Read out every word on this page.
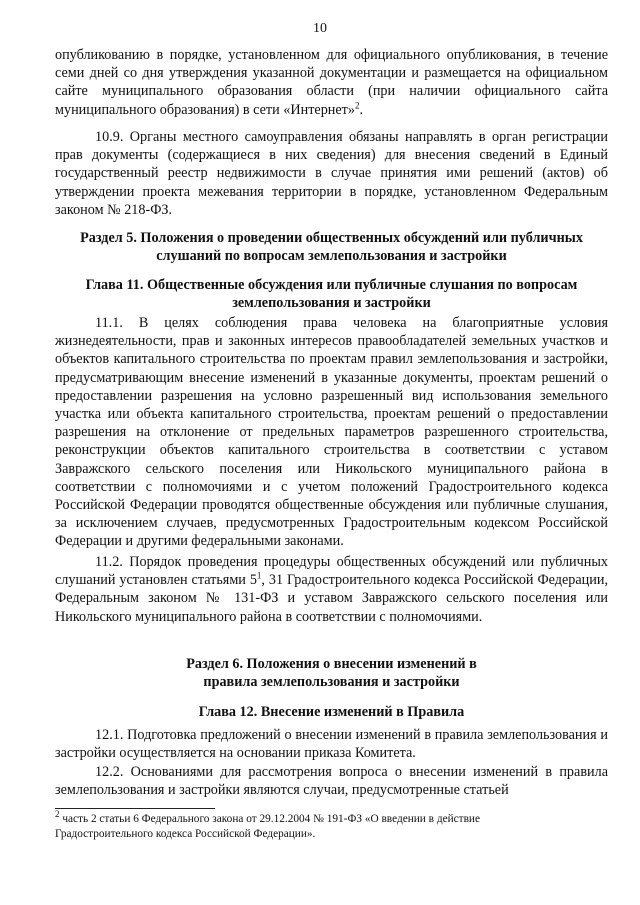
10

опубликованию в порядке, установленном для официального опубликования, в течение семи дней со дня утверждения указанной документации и размещается на официальном сайте муниципального образования области (при наличии официального сайта муниципального образования) в сети «Интернет»$^2$.

10.9. Органы местного самоуправления обязаны направлять в орган регистрации прав документы (содержащиеся в них сведения) для внесения сведений в Единый государственный реестр недвижимости в случае принятия ими решений (актов) об утверждении проекта межевания территории в порядке, установленном Федеральным законом № 218-ФЗ.

Раздел 5. Положения о проведении общественных обсуждений или публичных слушаний по вопросам землепользования и застройки
Глава 11. Общественные обсуждения или публичные слушания по вопросам землепользования и застройки

11.1. В целях соблюдения права человека на благоприятные условия жизнедеятельности, прав и законных интересов правообладателей земельных участков и объектов капитального строительства по проектам правил землепользования и застройки, предусматривающим внесение изменений в указанные документы, проектам решений о предоставлении разрешения на условно разрешенный вид использования земельного участка или объекта капитального строительства, проектам решений о предоставлении разрешения на отклонение от предельных параметров разрешенного строительства, реконструкции объектов капитального строительства в соответствии с уставом Завражского сельского поселения или Никольского муниципального района в соответствии с полномочиями и с учетом положений Градостроительного кодекса Российской Федерации проводятся общественные обсуждения или публичные слушания, за исключением случаев, предусмотренных Градостроительным кодексом Российской Федерации и другими федеральными законами.

11.2. Порядок проведения процедуры общественных обсуждений или публичных слушаний установлен статьями $5^1$, 31 Градостроительного кодекса Российской Федерации, Федеральным законом № 131-ФЗ и уставом Завражского сельского поселения или Никольского муниципального района в соответствии с полномочиями.

Раздел 6. Положения о внесении изменений в
правила землепользования и застройки
Глава 12. Внесение изменений в Правила

12.1. Подготовка предложений о внесении изменений в правила землепользования и застройки осуществляется на основании приказа Комитета.

12.2. Основаниями для рассмотрения вопроса о внесении изменений в правила землепользования и застройки являются случаи, предусмотренные статьей

$^2$ часть 2 статьи 6 Федерального закона от 29.12.2004 № 191-ФЗ «О введении в действие Градостроительного кодекса Российской Федерации».
